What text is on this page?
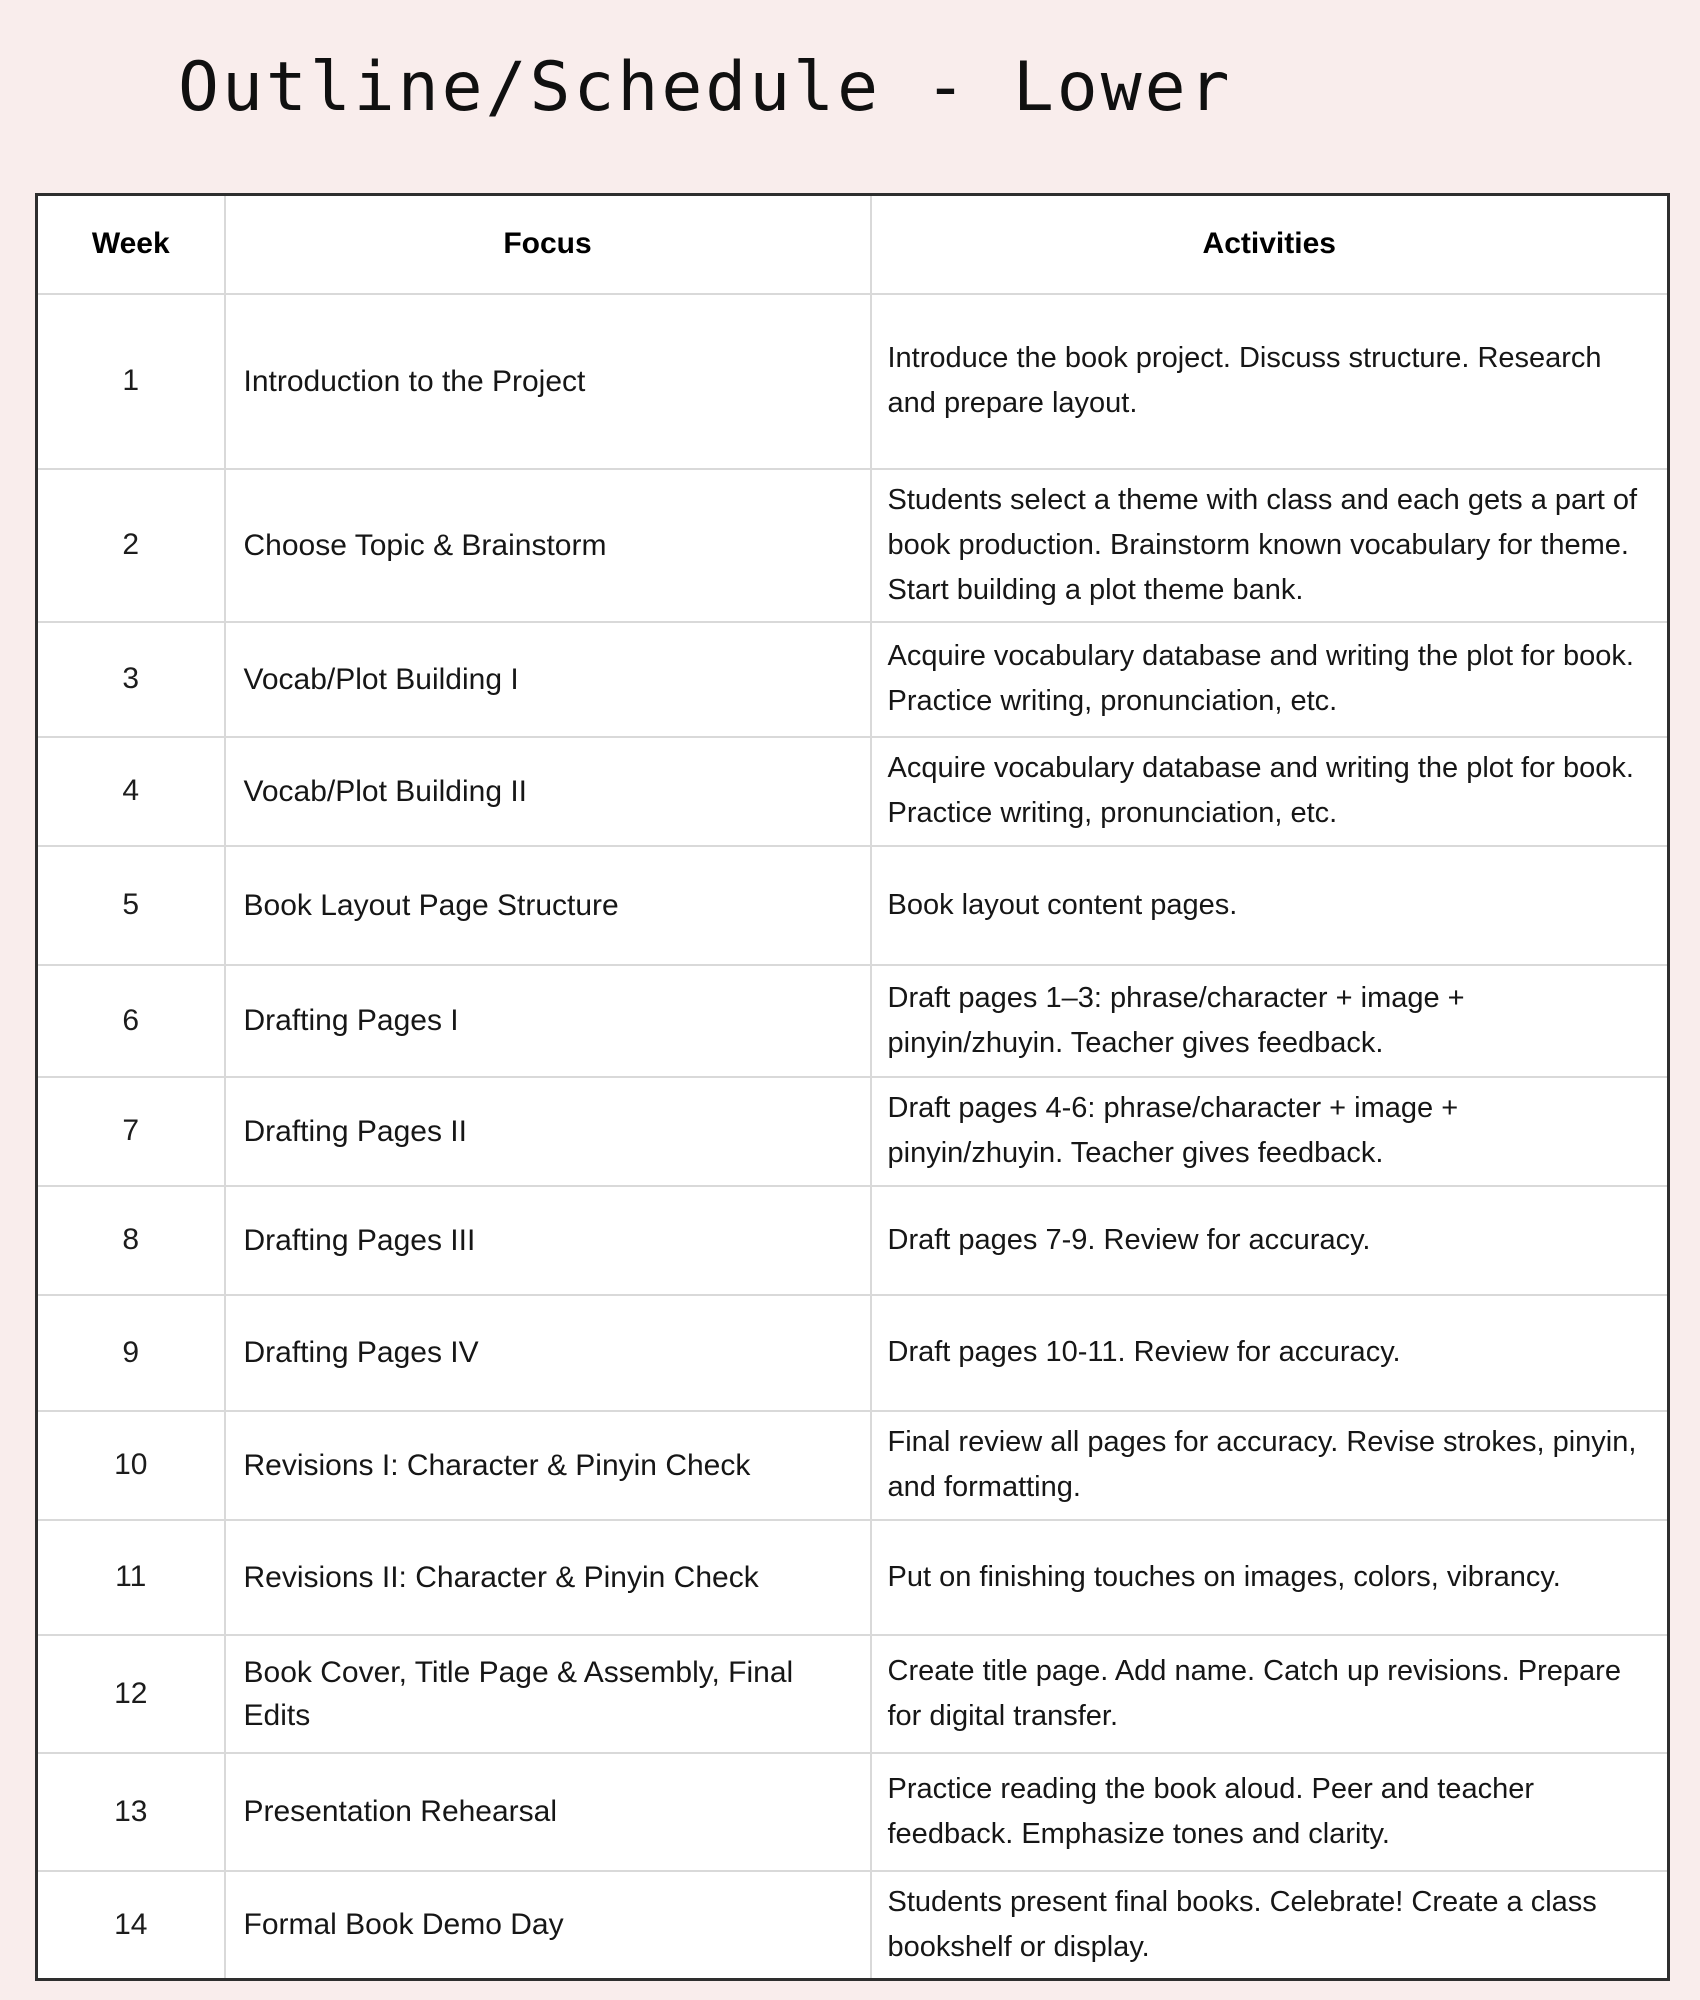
Outline/Schedule - Lower
Week	Focus	Activities
1	Introduction to the Project	Introduce the book project. Discuss structure. Research and prepare layout.
2	Choose Topic & Brainstorm	Students select a theme with class and each gets a part of book production. Brainstorm known vocabulary for theme. Start building a plot theme bank.
3	Vocab/Plot Building I	Acquire vocabulary database and writing the plot for book. Practice writing, pronunciation, etc.
4	Vocab/Plot Building II	Acquire vocabulary database and writing the plot for book. Practice writing, pronunciation, etc.
5	Book Layout Page Structure	Book layout content pages.
6	Drafting Pages I	Draft pages 1–3: phrase/character + image + pinyin/zhuyin. Teacher gives feedback.
7	Drafting Pages II	Draft pages 4-6: phrase/character + image + pinyin/zhuyin. Teacher gives feedback.
8	Drafting Pages III	Draft pages 7-9. Review for accuracy.
9	Drafting Pages IV	Draft pages 10-11. Review for accuracy.
10	Revisions I: Character & Pinyin Check	Final review all pages for accuracy. Revise strokes, pinyin, and formatting.
11	Revisions II: Character & Pinyin Check	Put on finishing touches on images, colors, vibrancy.
12	Book Cover, Title Page & Assembly, Final Edits	Create title page. Add name. Catch up revisions. Prepare for digital transfer.
13	Presentation Rehearsal	Practice reading the book aloud. Peer and teacher feedback. Emphasize tones and clarity.
14	Formal Book Demo Day	Students present final books. Celebrate! Create a class bookshelf or display.
